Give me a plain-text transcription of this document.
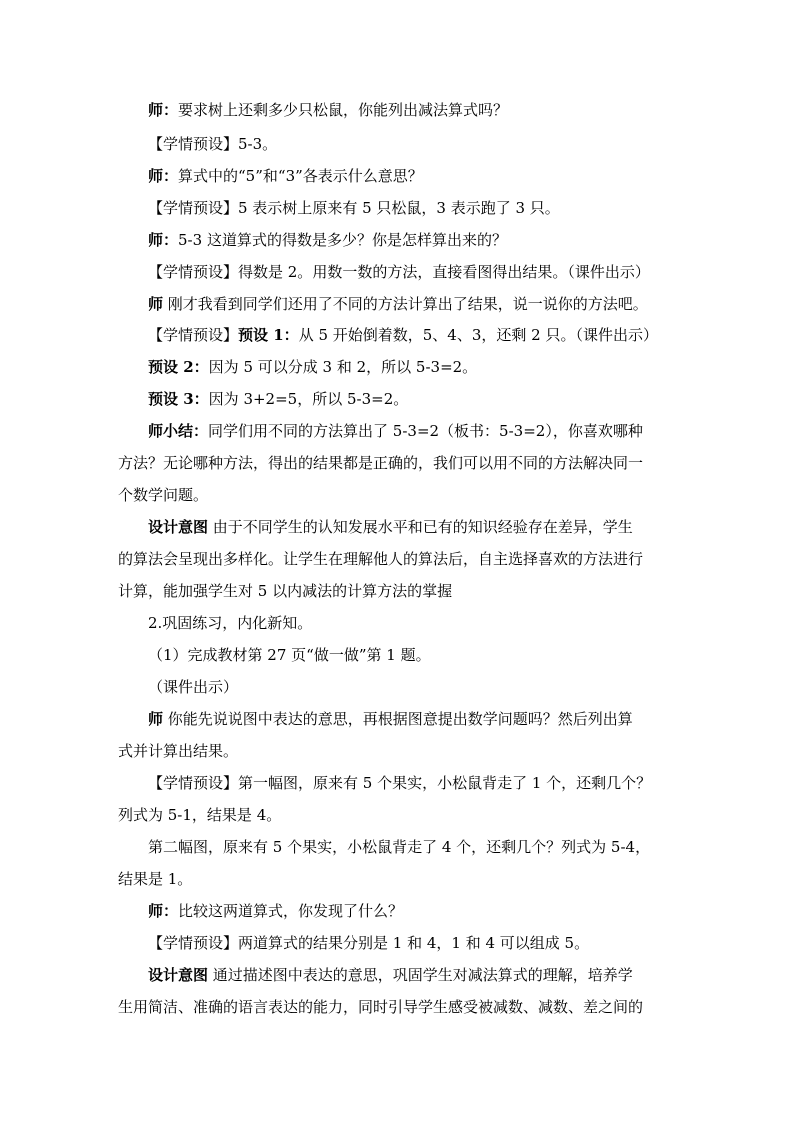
师：要求树上还剩多少只松鼠，你能列出减法算式吗？
【学情预设】5-3。
师：算式中的“5”和“3”各表示什么意思？
【学情预设】5 表示树上原来有 5 只松鼠，3 表示跑了 3 只。
师：5-3 这道算式的得数是多少？你是怎样算出来的？
【学情预设】得数是 2。用数一数的方法，直接看图得出结果。（课件出示）
师 刚才我看到同学们还用了不同的方法计算出了结果，说一说你的方法吧。
【学情预设】预设 1：从 5 开始倒着数，5、4、3，还剩 2 只。（课件出示）
预设 2：因为 5 可以分成 3 和 2，所以 5-3=2。
预设 3：因为 3+2=5，所以 5-3=2。
师小结：同学们用不同的方法算出了 5-3=2（板书：5-3=2），你喜欢哪种
方法？无论哪种方法，得出的结果都是正确的，我们可以用不同的方法解决同一
个数学问题。
设计意图 由于不同学生的认知发展水平和已有的知识经验存在差异，学生
的算法会呈现出多样化。让学生在理解他人的算法后，自主选择喜欢的方法进行
计算，能加强学生对 5 以内减法的计算方法的掌握
2.巩固练习，内化新知。
（1）完成教材第 27 页“做一做”第 1 题。
（课件出示）
师 你能先说说图中表达的意思，再根据图意提出数学问题吗？然后列出算
式并计算出结果。
【学情预设】第一幅图，原来有 5 个果实，小松鼠背走了 1 个，还剩几个？
列式为 5-1，结果是 4。
第二幅图，原来有 5 个果实，小松鼠背走了 4 个，还剩几个？列式为 5-4，
结果是 1。
师：比较这两道算式，你发现了什么？
【学情预设】两道算式的结果分别是 1 和 4，1 和 4 可以组成 5。
设计意图 通过描述图中表达的意思，巩固学生对减法算式的理解，培养学
生用简洁、准确的语言表达的能力，同时引导学生感受被减数、减数、差之间的
